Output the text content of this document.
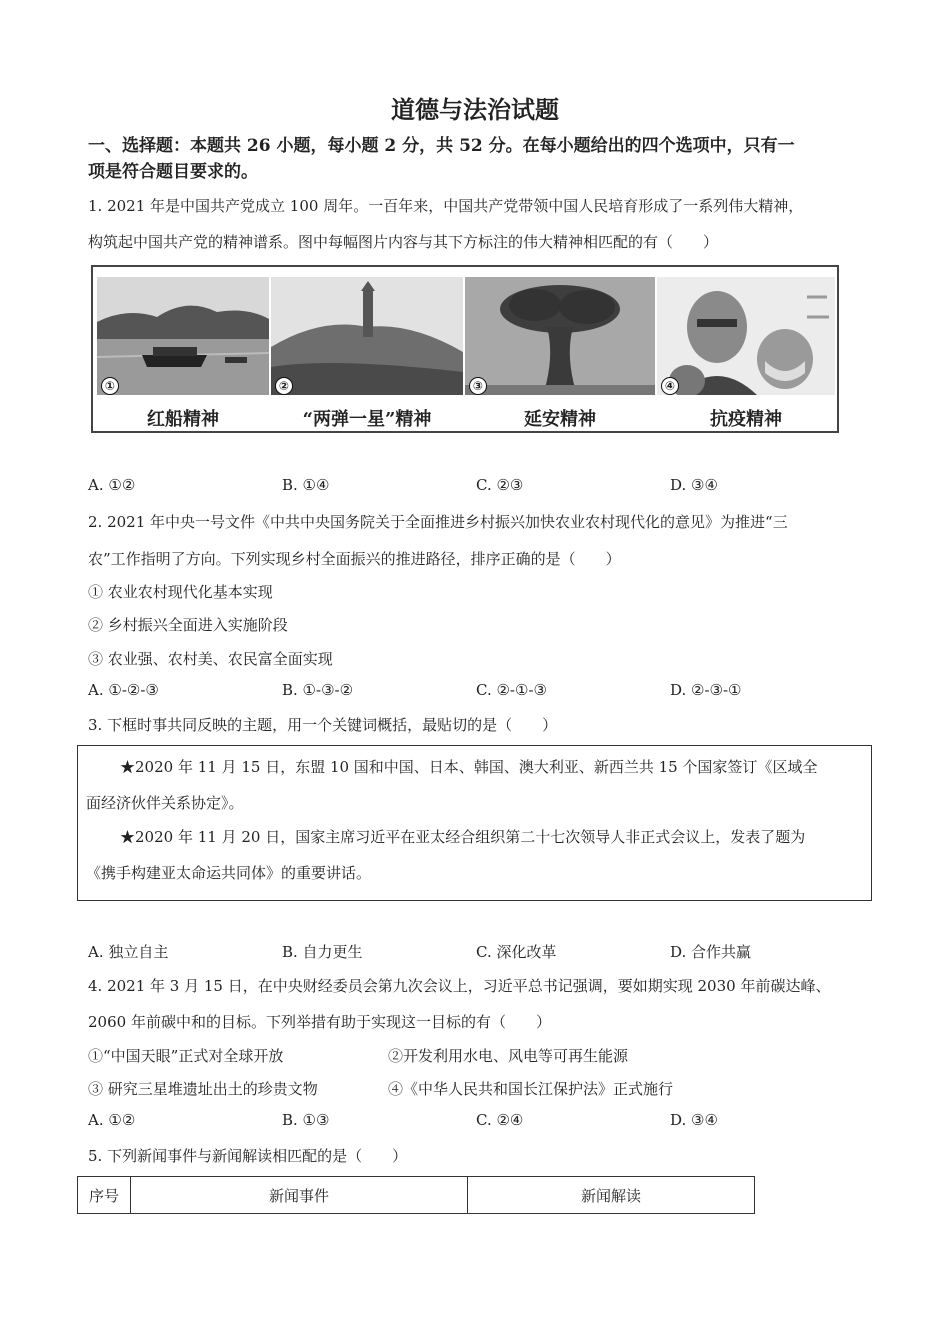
道德与法治试题
一、选择题：本题共 26 小题，每小题 2 分，共 52 分。在每小题给出的四个选项中，只有一
项是符合题目要求的。
1. 2021 年是中国共产党成立 100 周年。一百年来，中国共产党带领中国人民培育形成了一系列伟大精神，
构筑起中国共产党的精神谱系。图中每幅图片内容与其下方标注的伟大精神相匹配的有（　　）
①
红船精神
②
“两弹一星”精神
③
延安精神
④
抗疫精神
A. ①②	B. ①④	C. ②③	D. ③④
2. 2021 年中央一号文件《中共中央国务院关于全面推进乡村振兴加快农业农村现代化的意见》为推进“三
农”工作指明了方向。下列实现乡村全面振兴的推进路径，排序正确的是（　　）
① 农业农村现代化基本实现
② 乡村振兴全面进入实施阶段
③ 农业强、农村美、农民富全面实现
A. ①-②-③	B. ①-③-②	C. ②-①-③	D. ②-③-①
3. 下框时事共同反映的主题，用一个关键词概括，最贴切的是（　　）

★2020 年 11 月 15 日，东盟 10 国和中国、日本、韩国、澳大利亚、新西兰共 15 个国家签订《区域全

面经济伙伴关系协定》。

★2020 年 11 月 20 日，国家主席习近平在亚太经合组织第二十七次领导人非正式会议上，发表了题为

《携手构建亚太命运共同体》的重要讲话。

A. 独立自主	B. 自力更生	C. 深化改革	D. 合作共赢
4. 2021 年 3 月 15 日，在中央财经委员会第九次会议上，习近平总书记强调，要如期实现 2030 年前碳达峰、
2060 年前碳中和的目标。下列举措有助于实现这一目标的有（　　）
①“中国天眼”正式对全球开放	②开发利用水电、风电等可再生能源
③ 研究三星堆遗址出土的珍贵文物	④《中华人民共和国长江保护法》正式施行
A. ①②	B. ①③	C. ②④	D. ③④
5. 下列新闻事件与新闻解读相匹配的是（　　）
序号	新闻事件	新闻解读
